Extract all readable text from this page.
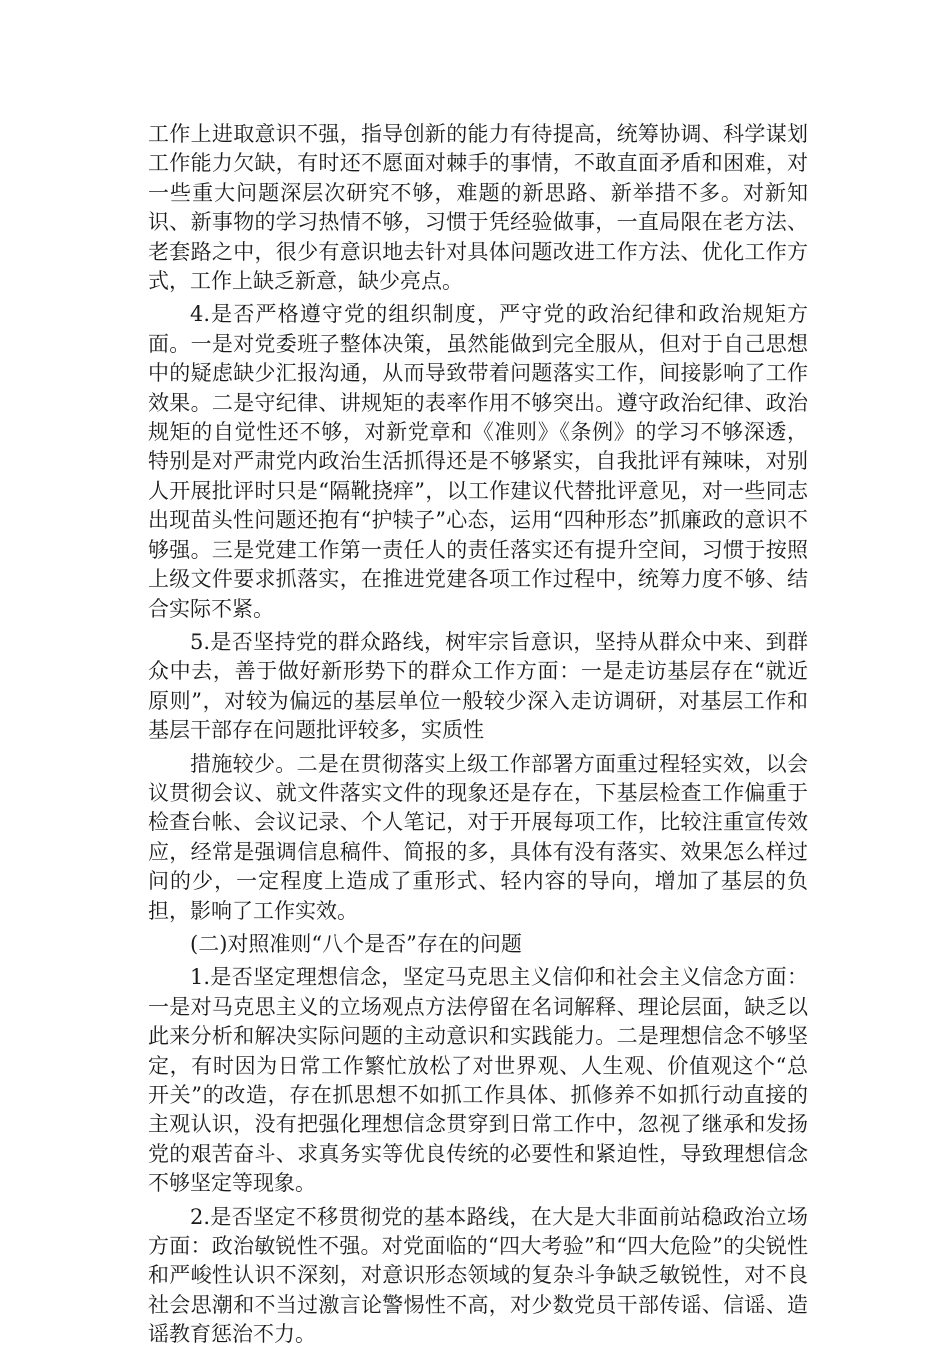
工作上进取意识不强，指导创新的能力有待提高，统筹协调、科学谋划工作能力欠缺，有时还不愿面对棘手的事情，不敢直面矛盾和困难，对一些重大问题深层次研究不够，难题的新思路、新举措不多。对新知识、新事物的学习热情不够，习惯于凭经验做事，一直局限在老方法、老套路之中，很少有意识地去针对具体问题改进工作方法、优化工作方式，工作上缺乏新意，缺少亮点。

4.是否严格遵守党的组织制度，严守党的政治纪律和政治规矩方面。一是对党委班子整体决策，虽然能做到完全服从，但对于自己思想中的疑虑缺少汇报沟通，从而导致带着问题落实工作，间接影响了工作效果。二是守纪律、讲规矩的表率作用不够突出。遵守政治纪律、政治规矩的自觉性还不够，对新党章和《准则》《条例》的学习不够深透，特别是对严肃党内政治生活抓得还是不够紧实，自我批评有辣味，对别人开展批评时只是“隔靴挠痒”，以工作建议代替批评意见，对一些同志出现苗头性问题还抱有“护犊子”心态，运用“四种形态”抓廉政的意识不够强。三是党建工作第一责任人的责任落实还有提升空间，习惯于按照上级文件要求抓落实，在推进党建各项工作过程中，统筹力度不够、结合实际不紧。

5.是否坚持党的群众路线，树牢宗旨意识，坚持从群众中来、到群众中去，善于做好新形势下的群众工作方面：一是走访基层存在“就近原则”，对较为偏远的基层单位一般较少深入走访调研，对基层工作和基层干部存在问题批评较多，实质性

措施较少。二是在贯彻落实上级工作部署方面重过程轻实效，以会议贯彻会议、就文件落实文件的现象还是存在，下基层检查工作偏重于检查台帐、会议记录、个人笔记，对于开展每项工作，比较注重宣传效应，经常是强调信息稿件、简报的多，具体有没有落实、效果怎么样过问的少，一定程度上造成了重形式、轻内容的导向，增加了基层的负担，影响了工作实效。

(二)对照准则“八个是否”存在的问题

1.是否坚定理想信念，坚定马克思主义信仰和社会主义信念方面：一是对马克思主义的立场观点方法停留在名词解释、理论层面，缺乏以此来分析和解决实际问题的主动意识和实践能力。二是理想信念不够坚定，有时因为日常工作繁忙放松了对世界观、人生观、价值观这个“总开关”的改造，存在抓思想不如抓工作具体、抓修养不如抓行动直接的主观认识，没有把强化理想信念贯穿到日常工作中，忽视了继承和发扬党的艰苦奋斗、求真务实等优良传统的必要性和紧迫性，导致理想信念不够坚定等现象。

2.是否坚定不移贯彻党的基本路线，在大是大非面前站稳政治立场方面：政治敏锐性不强。对党面临的“四大考验”和“四大危险”的尖锐性和严峻性认识不深刻，对意识形态领域的复杂斗争缺乏敏锐性，对不良社会思潮和不当过激言论警惕性不高，对少数党员干部传谣、信谣、造谣教育惩治不力。
